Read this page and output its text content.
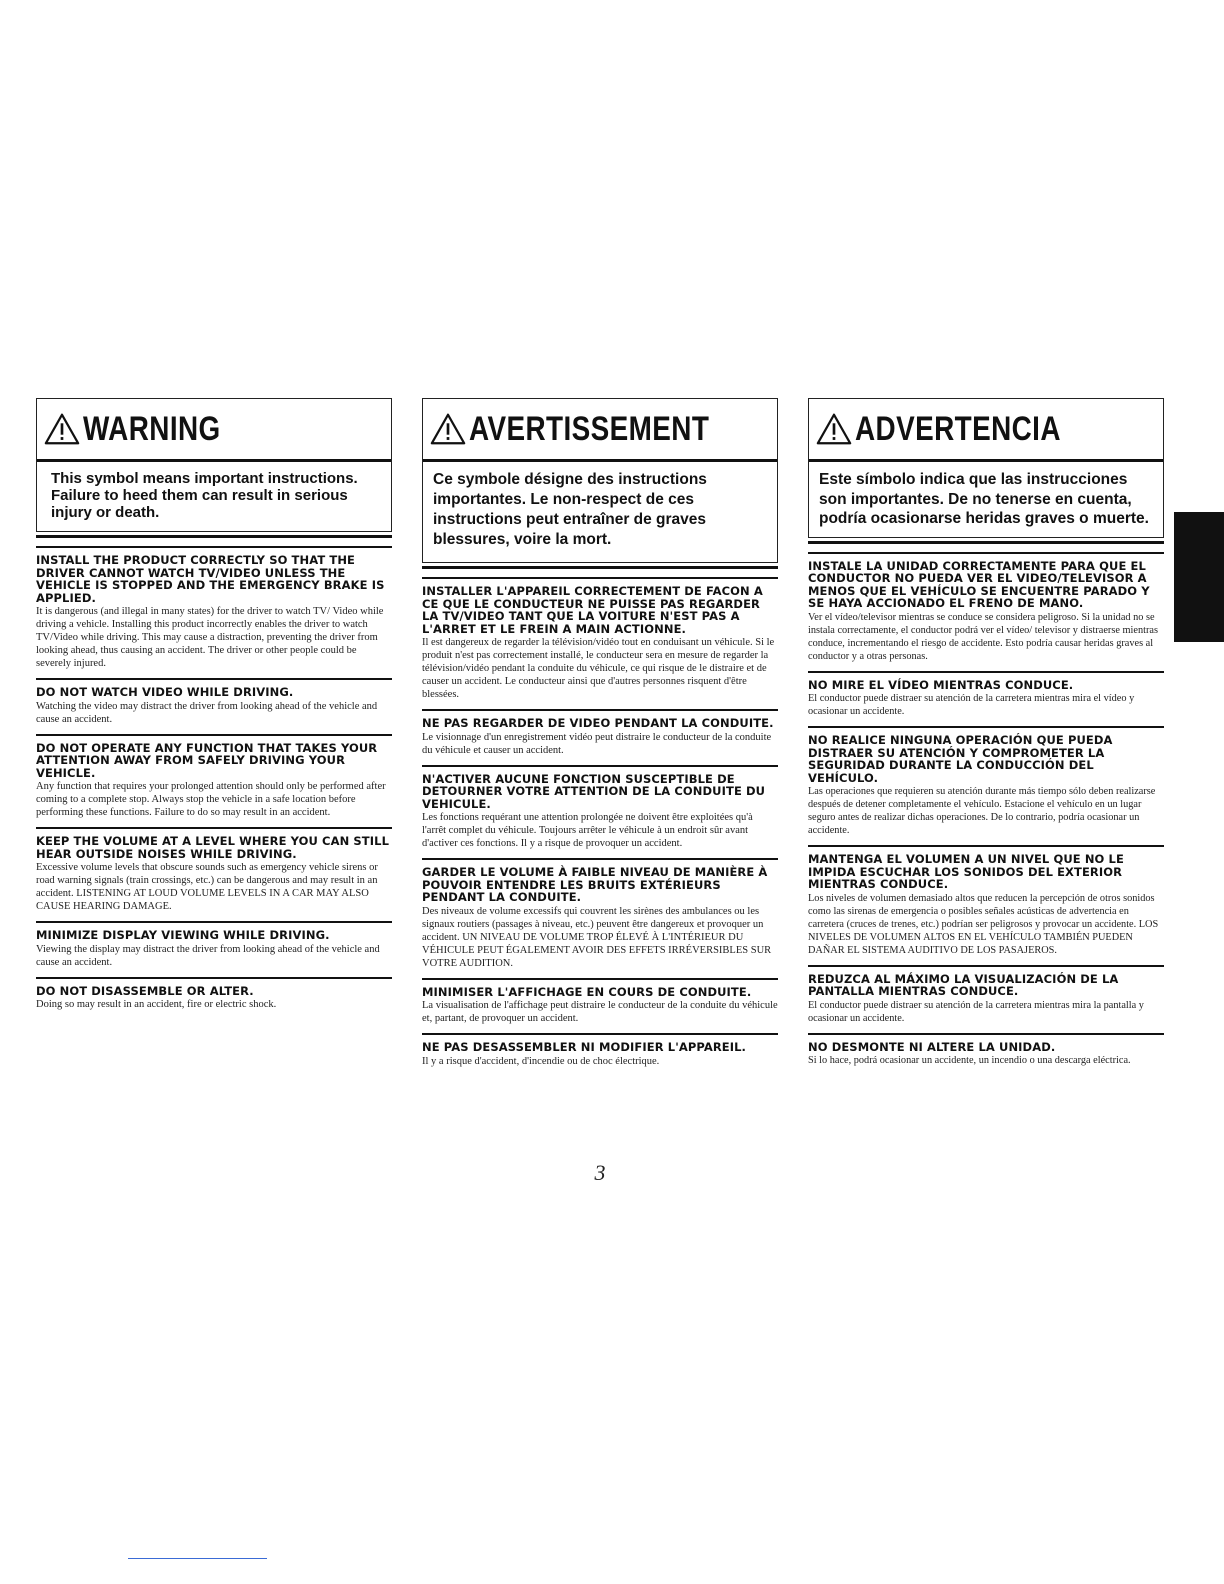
WARNING
This symbol means important instructions. Failure to heed them can result in serious injury or death.
INSTALL THE PRODUCT CORRECTLY SO THAT THE DRIVER CANNOT WATCH TV/VIDEO UNLESS THE VEHICLE IS STOPPED AND THE EMERGENCY BRAKE IS APPLIED.
It is dangerous (and illegal in many states) for the driver to watch TV/ Video while driving a vehicle. Installing this product incorrectly enables the driver to watch TV/Video while driving. This may cause a distraction, preventing the driver from looking ahead, thus causing an accident. The driver or other people could be severely injured.
DO NOT WATCH VIDEO WHILE DRIVING.
Watching the video may distract the driver from looking ahead of the vehicle and cause an accident.
DO NOT OPERATE ANY FUNCTION THAT TAKES YOUR ATTENTION AWAY FROM SAFELY DRIVING YOUR VEHICLE.
Any function that requires your prolonged attention should only be performed after coming to a complete stop. Always stop the vehicle in a safe location before performing these functions. Failure to do so may result in an accident.
KEEP THE VOLUME AT A LEVEL WHERE YOU CAN STILL HEAR OUTSIDE NOISES WHILE DRIVING.
Excessive volume levels that obscure sounds such as emergency vehicle sirens or road warning signals (train crossings, etc.) can be dangerous and may result in an accident. LISTENING AT LOUD VOLUME LEVELS IN A CAR MAY ALSO CAUSE HEARING DAMAGE.
MINIMIZE DISPLAY VIEWING WHILE DRIVING.
Viewing the display may distract the driver from looking ahead of the vehicle and cause an accident.
DO NOT DISASSEMBLE OR ALTER.
Doing so may result in an accident, fire or electric shock.
AVERTISSEMENT
Ce symbole désigne des instructions importantes. Le non-respect de ces instructions peut entraîner de graves blessures, voire la mort.
INSTALLER L'APPAREIL CORRECTEMENT DE FACON A CE QUE LE CONDUCTEUR NE PUISSE PAS REGARDER LA TV/VIDEO TANT QUE LA VOITURE N'EST PAS A L'ARRET ET LE FREIN A MAIN ACTIONNE.
Il est dangereux de regarder la télévision/vidéo tout en conduisant un véhicule. Si le produit n'est pas correctement installé, le conducteur sera en mesure de regarder la télévision/vidéo pendant la conduite du véhicule, ce qui risque de le distraire et de causer un accident. Le conducteur ainsi que d'autres personnes risquent d'être blessées.
NE PAS REGARDER DE VIDEO PENDANT LA CONDUITE.
Le visionnage d'un enregistrement vidéo peut distraire le conducteur de la conduite du véhicule et causer un accident.
N'ACTIVER AUCUNE FONCTION SUSCEPTIBLE DE DETOURNER VOTRE ATTENTION DE LA CONDUITE DU VEHICULE.
Les fonctions requérant une attention prolongée ne doivent être exploitées qu'à l'arrêt complet du véhicule. Toujours arrêter le véhicule à un endroit sûr avant d'activer ces fonctions. Il y a risque de provoquer un accident.
GARDER LE VOLUME À FAIBLE NIVEAU DE MANIÈRE À POUVOIR ENTENDRE LES BRUITS EXTÉRIEURS PENDANT LA CONDUITE.
Des niveaux de volume excessifs qui couvrent les sirènes des ambulances ou les signaux routiers (passages à niveau, etc.) peuvent être dangereux et provoquer un accident. UN NIVEAU DE VOLUME TROP ÉLEVÉ À L'INTÉRIEUR DU VÉHICULE PEUT ÉGALEMENT AVOIR DES EFFETS IRRÉVERSIBLES SUR VOTRE AUDITION.
MINIMISER L'AFFICHAGE EN COURS DE CONDUITE.
La visualisation de l'affichage peut distraire le conducteur de la conduite du véhicule et, partant, de provoquer un accident.
NE PAS DESASSEMBLER NI MODIFIER L'APPAREIL.
Il y a risque d'accident, d'incendie ou de choc électrique.
ADVERTENCIA
Este símbolo indica que las instrucciones son importantes. De no tenerse en cuenta, podría ocasionarse heridas graves o muerte.
INSTALE LA UNIDAD CORRECTAMENTE PARA QUE EL CONDUCTOR NO PUEDA VER EL VIDEO/TELEVISOR A MENOS QUE EL VEHÍCULO SE ENCUENTRE PARADO Y SE HAYA ACCIONADO EL FRENO DE MANO.
Ver el vídeo/televisor mientras se conduce se considera peligroso. Si la unidad no se instala correctamente, el conductor podrá ver el vídeo/ televisor y distraerse mientras conduce, incrementando el riesgo de accidente. Esto podría causar heridas graves al conductor y a otras personas.
NO MIRE EL VÍDEO MIENTRAS CONDUCE.
El conductor puede distraer su atención de la carretera mientras mira el vídeo y ocasionar un accidente.
NO REALICE NINGUNA OPERACIÓN QUE PUEDA DISTRAER SU ATENCIÓN Y COMPROMETER LA SEGURIDAD DURANTE LA CONDUCCIÓN DEL VEHÍCULO.
Las operaciones que requieren su atención durante más tiempo sólo deben realizarse después de detener completamente el vehículo. Estacione el vehículo en un lugar seguro antes de realizar dichas operaciones. De lo contrario, podría ocasionar un accidente.
MANTENGA EL VOLUMEN A UN NIVEL QUE NO LE IMPIDA ESCUCHAR LOS SONIDOS DEL EXTERIOR MIENTRAS CONDUCE.
Los niveles de volumen demasiado altos que reducen la percepción de otros sonidos como las sirenas de emergencia o posibles señales acústicas de advertencia en carretera (cruces de trenes, etc.) podrían ser peligrosos y provocar un accidente. LOS NIVELES DE VOLUMEN ALTOS EN EL VEHÍCULO TAMBIÉN PUEDEN DAÑAR EL SISTEMA AUDITIVO DE LOS PASAJEROS.
REDUZCA AL MÁXIMO LA VISUALIZACIÓN DE LA PANTALLA MIENTRAS CONDUCE.
El conductor puede distraer su atención de la carretera mientras mira la pantalla y ocasionar un accidente.
NO DESMONTE NI ALTERE LA UNIDAD.
Si lo hace, podrá ocasionar un accidente, un incendio o una descarga eléctrica.
3
